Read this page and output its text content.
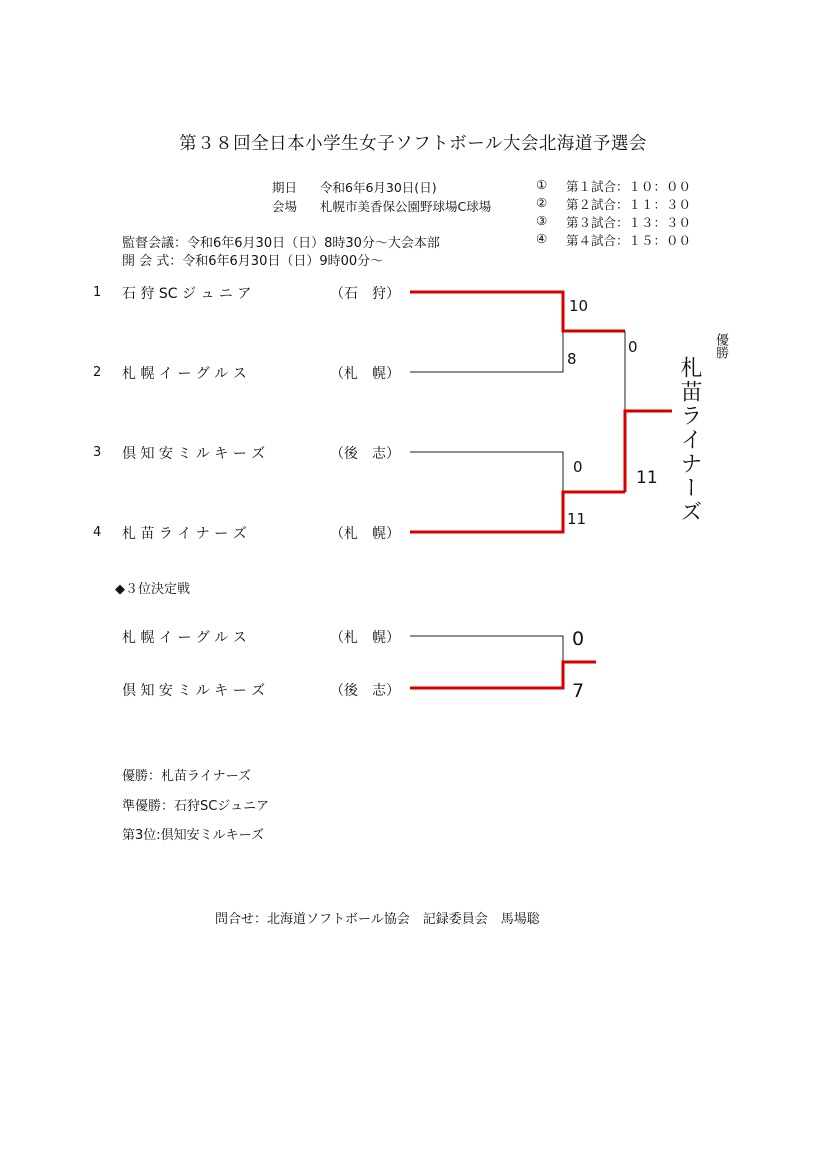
第３８回全日本小学生女子ソフトボール大会北海道予選会
期日 令和6年6月30日(日)
会場 札幌市美香保公園野球場C球場
監督会議：令和6年6月30日（日）8時30分～大会本部
開 会 式：令和6年6月30日（日）9時00分～
① 第１試合：１０：００
② 第２試合：１１：３０
③ 第３試合：１３：３０
④ 第４試合：１５：００
1 石 狩 SC ジ ュ ニ ア	（石　狩）
2 札 幌 イ ー グ ル ス	（札　幌）
3 倶 知 安 ミ ル キ ー ズ	（後　志）
4 札 苗 ラ イ ナ ー ズ	（札　幌）
10
8
0
11
0
11
優勝
札苗ライナーズ
◆３位決定戦
札 幌 イ ー グ ル ス	（札　幌）
倶 知 安 ミ ル キ ー ズ	（後　志）
0
7
優勝：札苗ライナーズ
準優勝：石狩SCジュニア
第3位:倶知安ミルキーズ
問合せ：北海道ソフトボール協会　記録委員会　馬場聡
